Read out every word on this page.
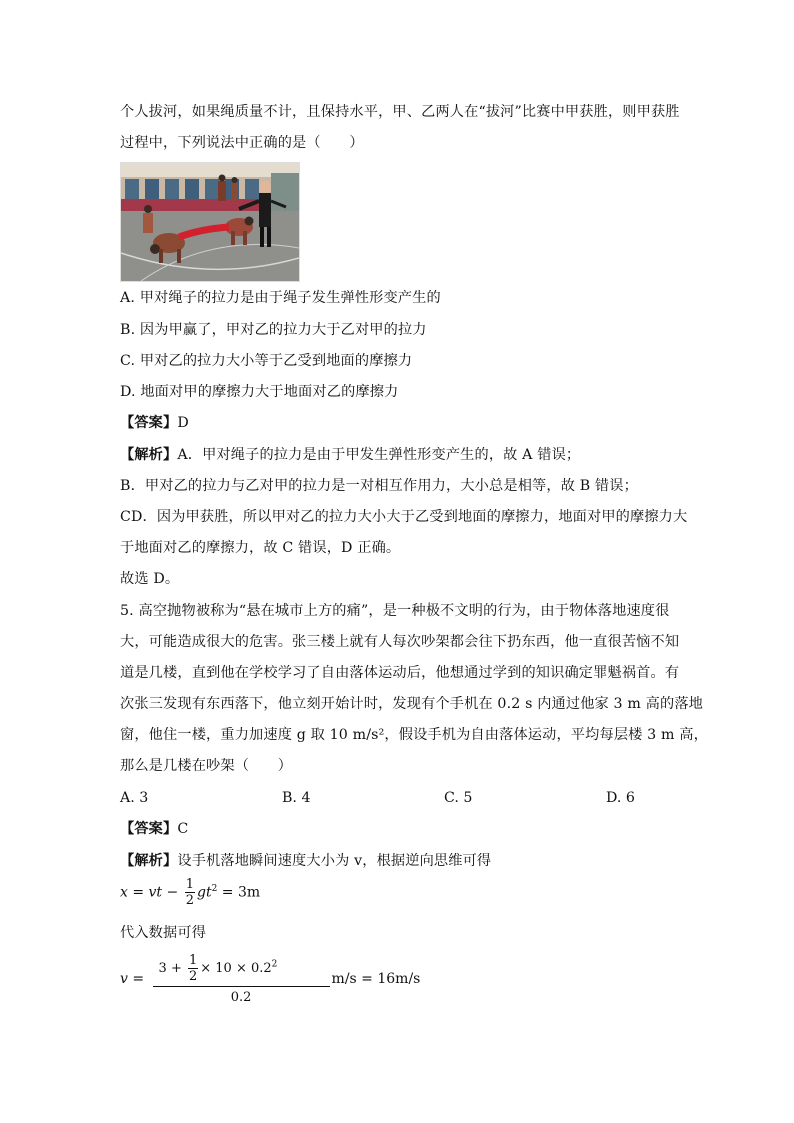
个人拔河，如果绳质量不计，且保持水平，甲、乙两人在“拔河”比赛中甲获胜，则甲获胜
过程中，下列说法中正确的是（　　）
A. 甲对绳子的拉力是由于绳子发生弹性形变产生的
B. 因为甲赢了，甲对乙的拉力大于乙对甲的拉力
C. 甲对乙的拉力大小等于乙受到地面的摩擦力
D. 地面对甲的摩擦力大于地面对乙的摩擦力
【答案】D
【解析】A．甲对绳子的拉力是由于甲发生弹性形变产生的，故 A 错误；
B．甲对乙的拉力与乙对甲的拉力是一对相互作用力，大小总是相等，故 B 错误；
CD．因为甲获胜，所以甲对乙的拉力大小大于乙受到地面的摩擦力，地面对甲的摩擦力大
于地面对乙的摩擦力，故 C 错误，D 正确。
故选 D。
5. 高空抛物被称为“悬在城市上方的痛”，是一种极不文明的行为，由于物体落地速度很
大，可能造成很大的危害。张三楼上就有人每次吵架都会往下扔东西，他一直很苦恼不知
道是几楼，直到他在学校学习了自由落体运动后，他想通过学到的知识确定罪魁祸首。有
次张三发现有东西落下，他立刻开始计时，发现有个手机在 0.2 s 内通过他家 3 m 高的落地
窗，他住一楼，重力加速度 g 取 10 m/s²，假设手机为自由落体运动，平均每层楼 3 m 高，
那么是几楼在吵架（　　）
A. 3	B. 4	C. 5	D. 6
【答案】C
【解析】设手机落地瞬间速度大小为 v，根据逆向思维可得
x = vt − $\frac{1}{2} gt^2 = 3m$
代入数据可得
$v = \frac{3 + \frac{1}{2} \times 10 \times 0.2^2}{0.2} m/s = 16m/s$
